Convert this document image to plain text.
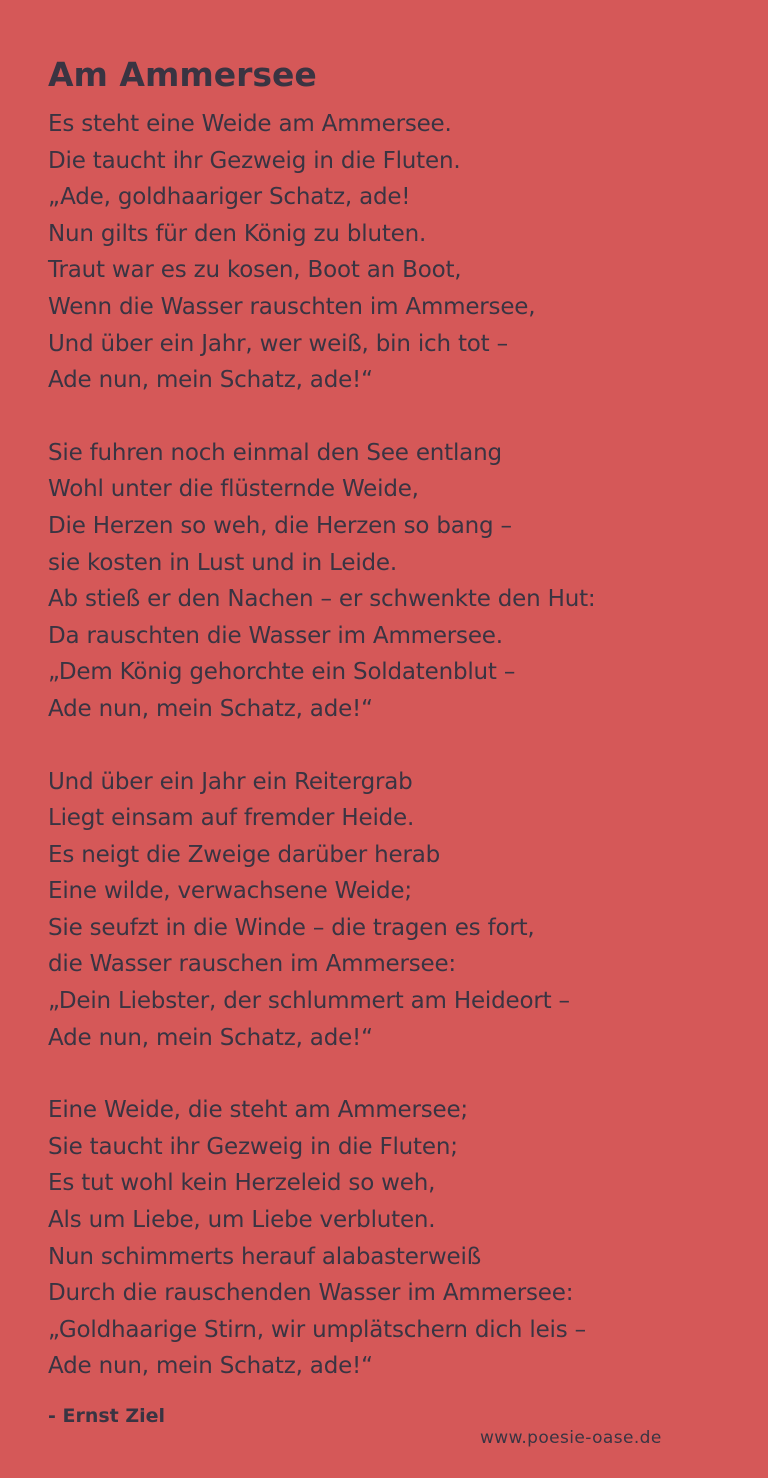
Am Ammersee
Es steht eine Weide am Ammersee.
Die taucht ihr Gezweig in die Fluten.
„Ade, goldhaariger Schatz, ade!
Nun gilts für den König zu bluten.
Traut war es zu kosen, Boot an Boot,
Wenn die Wasser rauschten im Ammersee,
Und über ein Jahr, wer weiß, bin ich tot –
Ade nun, mein Schatz, ade!“
Sie fuhren noch einmal den See entlang
Wohl unter die flüsternde Weide,
Die Herzen so weh, die Herzen so bang –
sie kosten in Lust und in Leide.
Ab stieß er den Nachen – er schwenkte den Hut:
Da rauschten die Wasser im Ammersee.
„Dem König gehorchte ein Soldatenblut –
Ade nun, mein Schatz, ade!“
Und über ein Jahr ein Reitergrab
Liegt einsam auf fremder Heide.
Es neigt die Zweige darüber herab
Eine wilde, verwachsene Weide;
Sie seufzt in die Winde – die tragen es fort,
die Wasser rauschen im Ammersee:
„Dein Liebster, der schlummert am Heideort –
Ade nun, mein Schatz, ade!“
Eine Weide, die steht am Ammersee;
Sie taucht ihr Gezweig in die Fluten;
Es tut wohl kein Herzeleid so weh,
Als um Liebe, um Liebe verbluten.
Nun schimmerts herauf alabasterweiß
Durch die rauschenden Wasser im Ammersee:
„Goldhaarige Stirn, wir umplätschern dich leis –
Ade nun, mein Schatz, ade!“
- Ernst Ziel
www.poesie-oase.de
